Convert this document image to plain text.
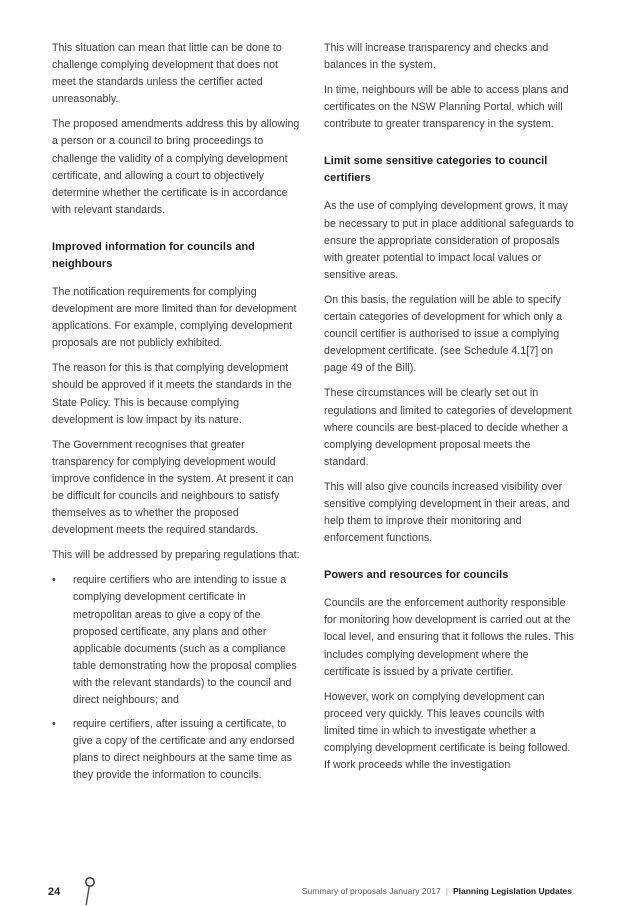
This situation can mean that little can be done to challenge complying development that does not meet the standards unless the certifier acted unreasonably.

The proposed amendments address this by allowing a person or a council to bring proceedings to challenge the validity of a complying development certificate, and allowing a court to objectively determine whether the certificate is in accordance with relevant standards.

Improved information for councils and neighbours

The notification requirements for complying development are more limited than for development applications. For example, complying development proposals are not publicly exhibited.

The reason for this is that complying development should be approved if it meets the standards in the State Policy. This is because complying development is low impact by its nature.

The Government recognises that greater transparency for complying development would improve confidence in the system. At present it can be difficult for councils and neighbours to satisfy themselves as to whether the proposed development meets the required standards.

This will be addressed by preparing regulations that:

• require certifiers who are intending to issue a complying development certificate in metropolitan areas to give a copy of the proposed certificate, any plans and other applicable documents (such as a compliance table demonstrating how the proposal complies with the relevant standards) to the council and direct neighbours; and
• require certifiers, after issuing a certificate, to give a copy of the certificate and any endorsed plans to direct neighbours at the same time as they provide the information to councils.

This will increase transparency and checks and balances in the system.

In time, neighbours will be able to access plans and certificates on the NSW Planning Portal, which will contribute to greater transparency in the system.

Limit some sensitive categories to council certifiers

As the use of complying development grows, it may be necessary to put in place additional safeguards to ensure the appropriate consideration of proposals with greater potential to impact local values or sensitive areas.

On this basis, the regulation will be able to specify certain categories of development for which only a council certifier is authorised to issue a complying development certificate. (see Schedule 4.1[7] on page 49 of the Bill).

These circumstances will be clearly set out in regulations and limited to categories of development where councils are best-placed to decide whether a complying development proposal meets the standard.

This will also give councils increased visibility over sensitive complying development in their areas, and help them to improve their monitoring and enforcement functions.

Powers and resources for councils

Councils are the enforcement authority responsible for monitoring how development is carried out at the local level, and ensuring that it follows the rules. This includes complying development where the certificate is issued by a private certifier.

However, work on complying development can proceed very quickly. This leaves councils with limited time in which to investigate whether a complying development certificate is being followed. If work proceeds while the investigation

24	Summary of proposals January 2017 | Planning Legislation Updates
